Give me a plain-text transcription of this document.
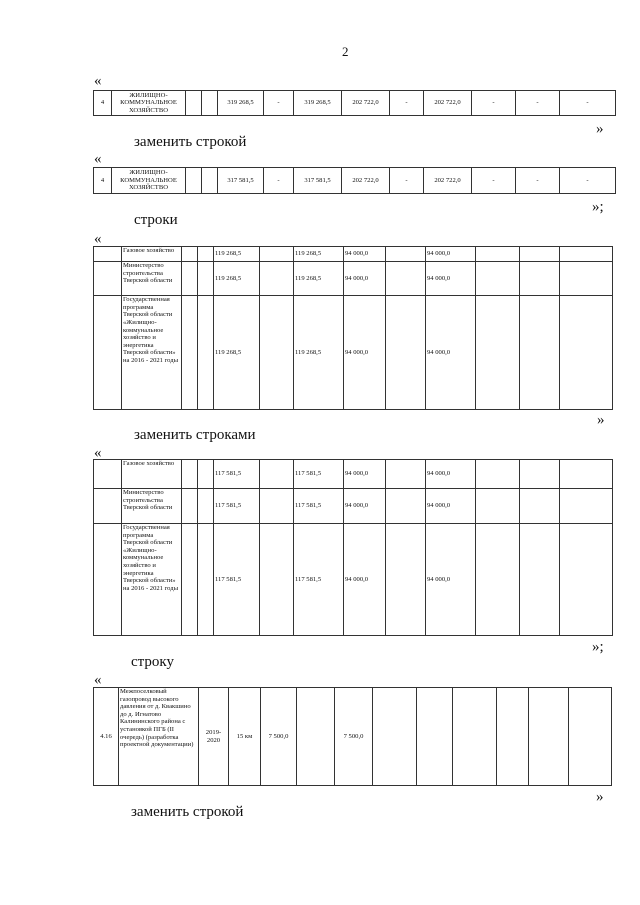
2
«
4	ЖИЛИЩНО-КОММУНАЛЬНОЕ ХОЗЯЙСТВО			319 268,5	-	319 268,5	202 722,0	-	202 722,0	-	-	-
»
заменить строкой
«
4	ЖИЛИЩНО-КОММУНАЛЬНОЕ ХОЗЯЙСТВО			317 581,5	-	317 581,5	202 722,0	-	202 722,0	-	-	-
»;
строки
«
	Газовое хозяйство			119 268,5		119 268,5	94 000,0		94 000,0			
	Министерство строительства Тверской области			119 268,5		119 268,5	94 000,0		94 000,0			
	Государственная программа Тверской области «Жилищно-коммунальное хозяйство и энергетика Тверской области» на 2016 - 2021 годы			119 268,5		119 268,5	94 000,0		94 000,0			
»
заменить строками
«
	Газовое хозяйство			117 581,5		117 581,5	94 000,0		94 000,0			
	Министерство строительства Тверской области			117 581,5		117 581,5	94 000,0		94 000,0			
	Государственная программа Тверской области «Жилищно-коммунальное хозяйство и энергетика Тверской области» на 2016 - 2021 годы			117 581,5		117 581,5	94 000,0		94 000,0			
»;
строку
«
4.16	Межпоселковый газопровод высокого давления от д. Квакшино до д. Игнатово Калининского района с установкой ПГБ (II очередь) (разработка проектной документации)	2019-2020	15 км	7 500,0		7 500,0						
»
заменить строкой
